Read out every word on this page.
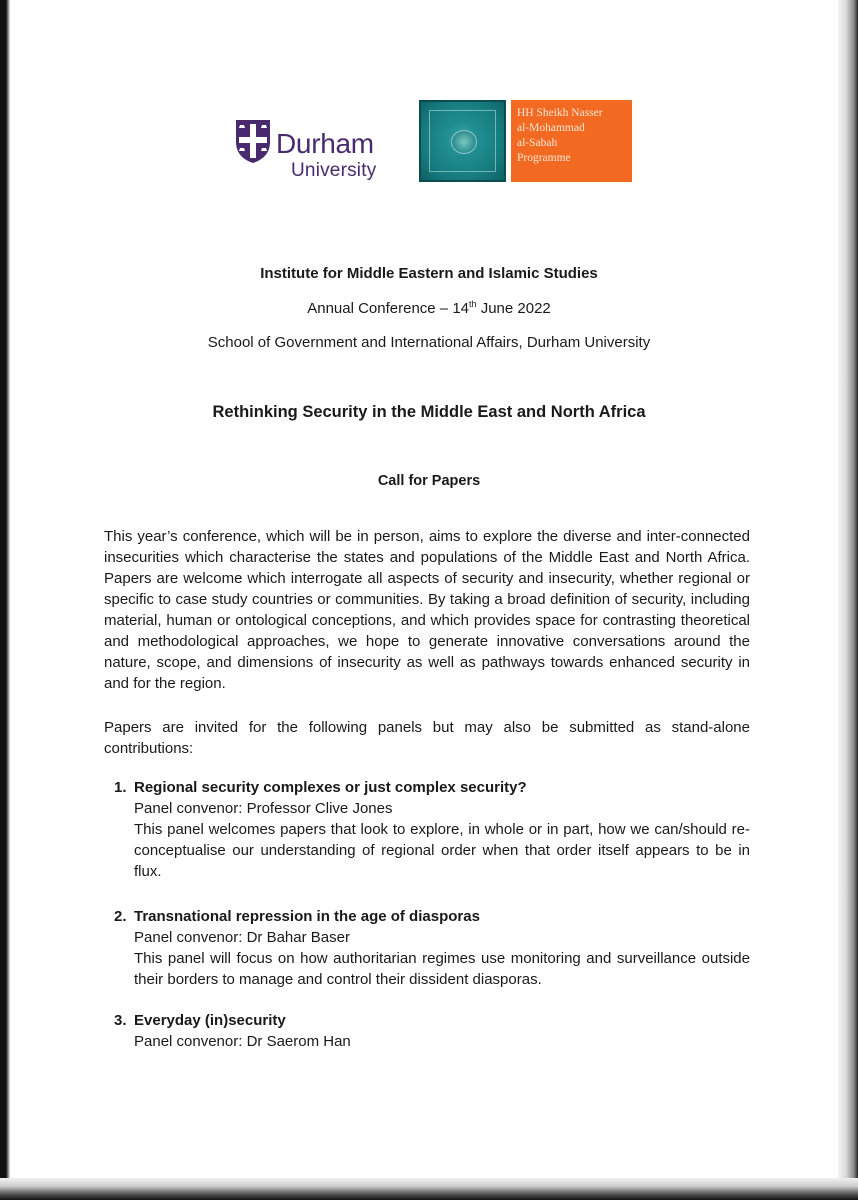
Durham
University
HH Sheikh Nasser
al-Mohammad
al-Sabah
Programme
Institute for Middle Eastern and Islamic Studies
Annual Conference – 14th June 2022
School of Government and International Affairs, Durham University
Rethinking Security in the Middle East and North Africa
Call for Papers
This year’s conference, which will be in person, aims to explore the diverse and inter-connected insecurities which characterise the states and populations of the Middle East and North Africa. Papers are welcome which interrogate all aspects of security and insecurity, whether regional or specific to case study countries or communities. By taking a broad definition of security, including material, human or ontological conceptions, and which provides space for contrasting theoretical and methodological approaches, we hope to generate innovative conversations around the nature, scope, and dimensions of insecurity as well as pathways towards enhanced security in and for the region.
Papers are invited for the following panels but may also be submitted as stand-alone contributions:
1. Regional security complexes or just complex security?
Panel convenor: Professor Clive Jones
This panel welcomes papers that look to explore, in whole or in part, how we can/should re-conceptualise our understanding of regional order when that order itself appears to be in flux.
2. Transnational repression in the age of diasporas
Panel convenor: Dr Bahar Baser
This panel will focus on how authoritarian regimes use monitoring and surveillance outside their borders to manage and control their dissident diasporas.
3. Everyday (in)security
Panel convenor: Dr Saerom Han
